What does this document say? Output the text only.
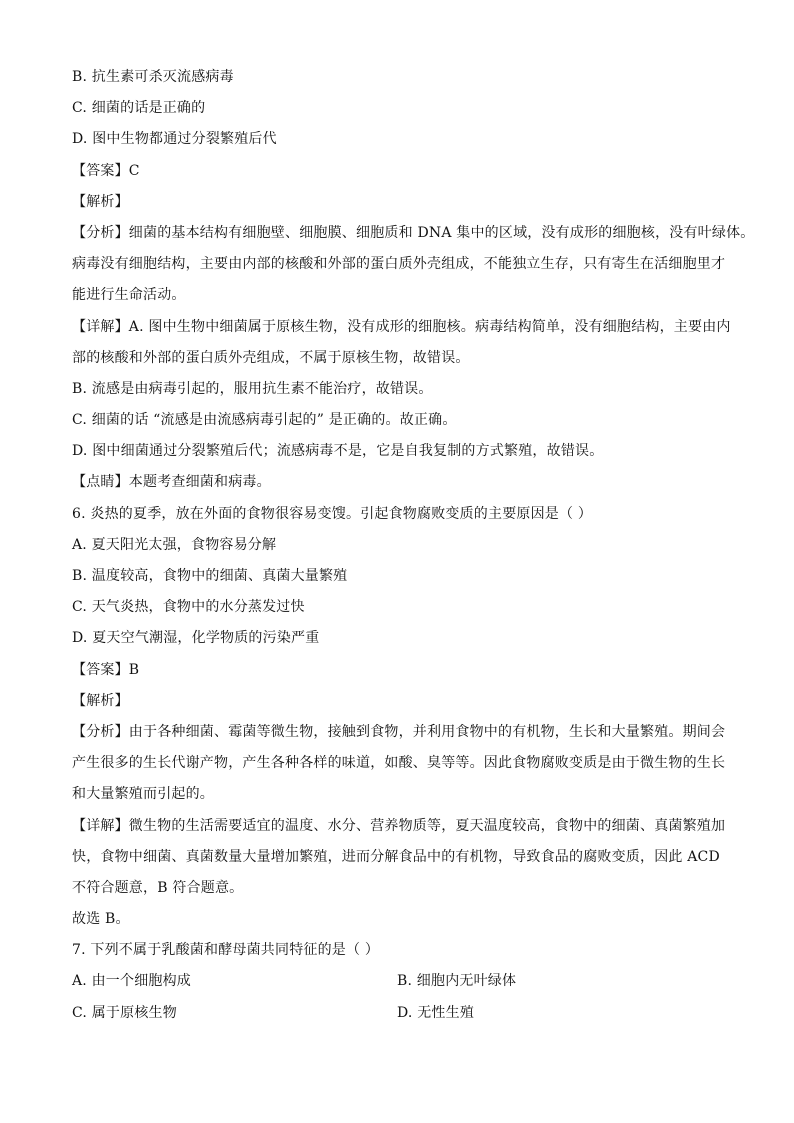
B. 抗生素可杀灭流感病毒
C. 细菌的话是正确的
D. 图中生物都通过分裂繁殖后代
【答案】C
【解析】
【分析】细菌的基本结构有细胞壁、细胞膜、细胞质和 DNA 集中的区域，没有成形的细胞核，没有叶绿体。
病毒没有细胞结构，主要由内部的核酸和外部的蛋白质外壳组成，不能独立生存，只有寄生在活细胞里才
能进行生命活动。
【详解】A. 图中生物中细菌属于原核生物，没有成形的细胞核。病毒结构简单，没有细胞结构，主要由内
部的核酸和外部的蛋白质外壳组成，不属于原核生物，故错误。
B. 流感是由病毒引起的，服用抗生素不能治疗，故错误。
C. 细菌的话 “流感是由流感病毒引起的” 是正确的。故正确。
D. 图中细菌通过分裂繁殖后代；流感病毒不是，它是自我复制的方式繁殖，故错误。
【点睛】本题考查细菌和病毒。
6. 炎热的夏季，放在外面的食物很容易变馊。引起食物腐败变质的主要原因是（ ）
A. 夏天阳光太强，食物容易分解
B. 温度较高，食物中的细菌、真菌大量繁殖
C. 天气炎热，食物中的水分蒸发过快
D. 夏天空气潮湿，化学物质的污染严重
【答案】B
【解析】
【分析】由于各种细菌、霉菌等微生物，接触到食物，并利用食物中的有机物，生长和大量繁殖。期间会
产生很多的生长代谢产物，产生各种各样的味道，如酸、臭等等。因此食物腐败变质是由于微生物的生长
和大量繁殖而引起的。
【详解】微生物的生活需要适宜的温度、水分、营养物质等，夏天温度较高，食物中的细菌、真菌繁殖加
快，食物中细菌、真菌数量大量增加繁殖，进而分解食品中的有机物，导致食品的腐败变质，因此 ACD
不符合题意，B 符合题意。
故选 B。
7. 下列不属于乳酸菌和酵母菌共同特征的是（ ）
A. 由一个细胞构成	B. 细胞内无叶绿体
C. 属于原核生物	D. 无性生殖
